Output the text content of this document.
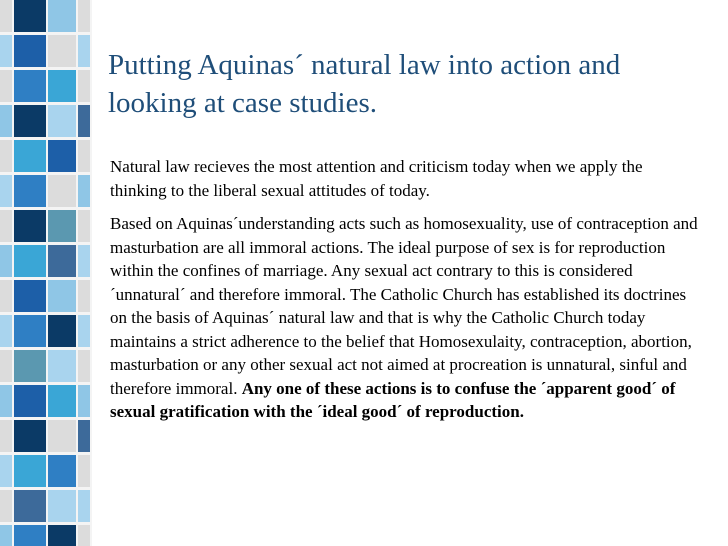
Putting Aquinas´ natural law into action and looking at case studies.

Natural law recieves the most attention and criticism today when we apply the thinking to the liberal sexual attitudes of today.

Based on Aquinas´understanding acts such as homosexuality, use of contraception and masturbation are all immoral actions. The ideal purpose of sex is for reproduction within the confines of marriage. Any sexual act contrary to this is considered ´unnatural´ and therefore immoral. The Catholic Church has established its doctrines on the basis of Aquinas´ natural law and that is why the Catholic Church today maintains a strict adherence to the belief that Homosexulaity, contraception, abortion, masturbation or any other sexual act not aimed at procreation is unnatural, sinful and therefore immoral. Any one of these actions is to confuse the ´apparent good´ of sexual gratification with the ´ideal good´ of reproduction.
